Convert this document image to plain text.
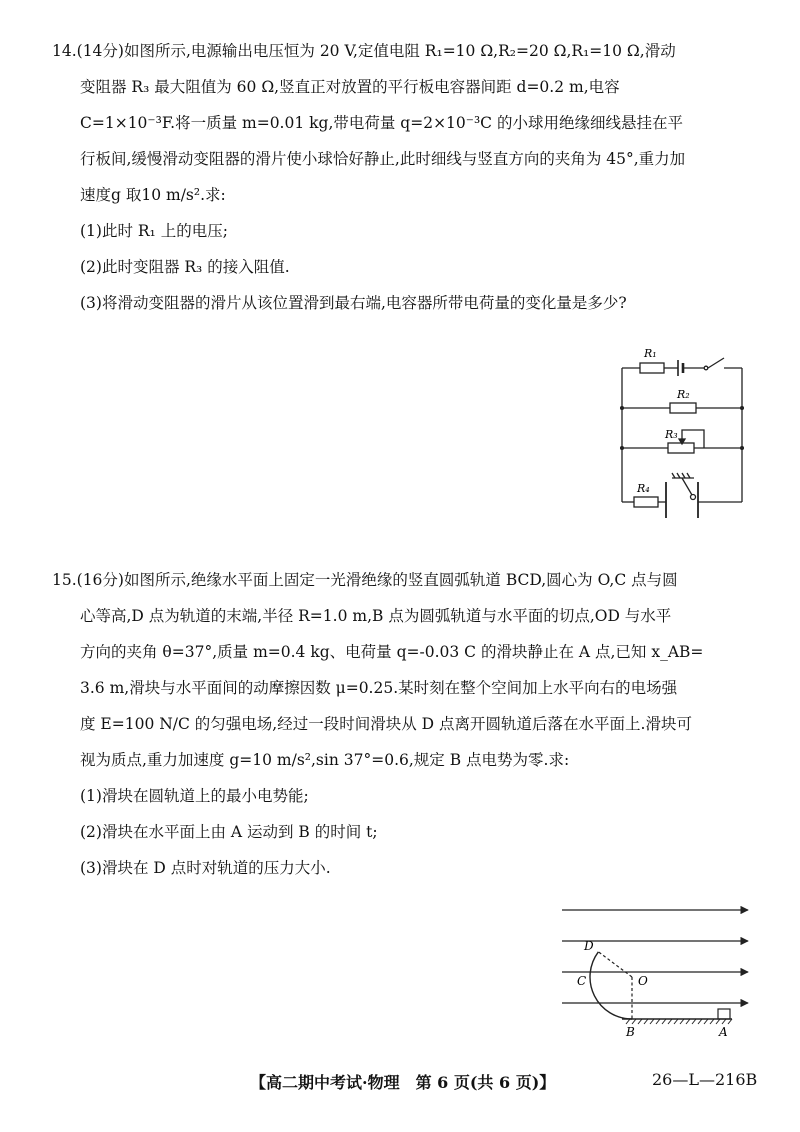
14.(14分)如图所示,电源输出电压恒为 20 V,定值电阻 R₁=10 Ω,R₂=20 Ω,R₁=10 Ω,滑动
变阻器 R₃ 最大阻值为 60 Ω,竖直正对放置的平行板电容器间距 d=0.2 m,电容
C=1×10⁻³F.将一质量 m=0.01 kg,带电荷量 q=2×10⁻³C 的小球用绝缘细线悬挂在平
行板间,缓慢滑动变阻器的滑片使小球恰好静止,此时细线与竖直方向的夹角为 45°,重力加
速度g 取10 m/s².求:
(1)此时 R₁ 上的电压;
(2)此时变阻器 R₃ 的接入阻值.
(3)将滑动变阻器的滑片从该位置滑到最右端,电容器所带电荷量的变化量是多少?
R₁
R₂
R₃
R₄
15.(16分)如图所示,绝缘水平面上固定一光滑绝缘的竖直圆弧轨道 BCD,圆心为 O,C 点与圆
心等高,D 点为轨道的末端,半径 R=1.0 m,B 点为圆弧轨道与水平面的切点,OD 与水平
方向的夹角 θ=37°,质量 m=0.4 kg、电荷量 q=-0.03 C 的滑块静止在 A 点,已知 x_AB=
3.6 m,滑块与水平面间的动摩擦因数 μ=0.25.某时刻在整个空间加上水平向右的电场强
度 E=100 N/C 的匀强电场,经过一段时间滑块从 D 点离开圆轨道后落在水平面上.滑块可
视为质点,重力加速度 g=10 m/s²,sin 37°=0.6,规定 B 点电势为零.求:
(1)滑块在圆轨道上的最小电势能;
(2)滑块在水平面上由 A 运动到 B 的时间 t;
(3)滑块在 D 点时对轨道的压力大小.
D
C	O
B	A
【高二期中考试·物理　第 6 页(共 6 页)】	26—L—216B
